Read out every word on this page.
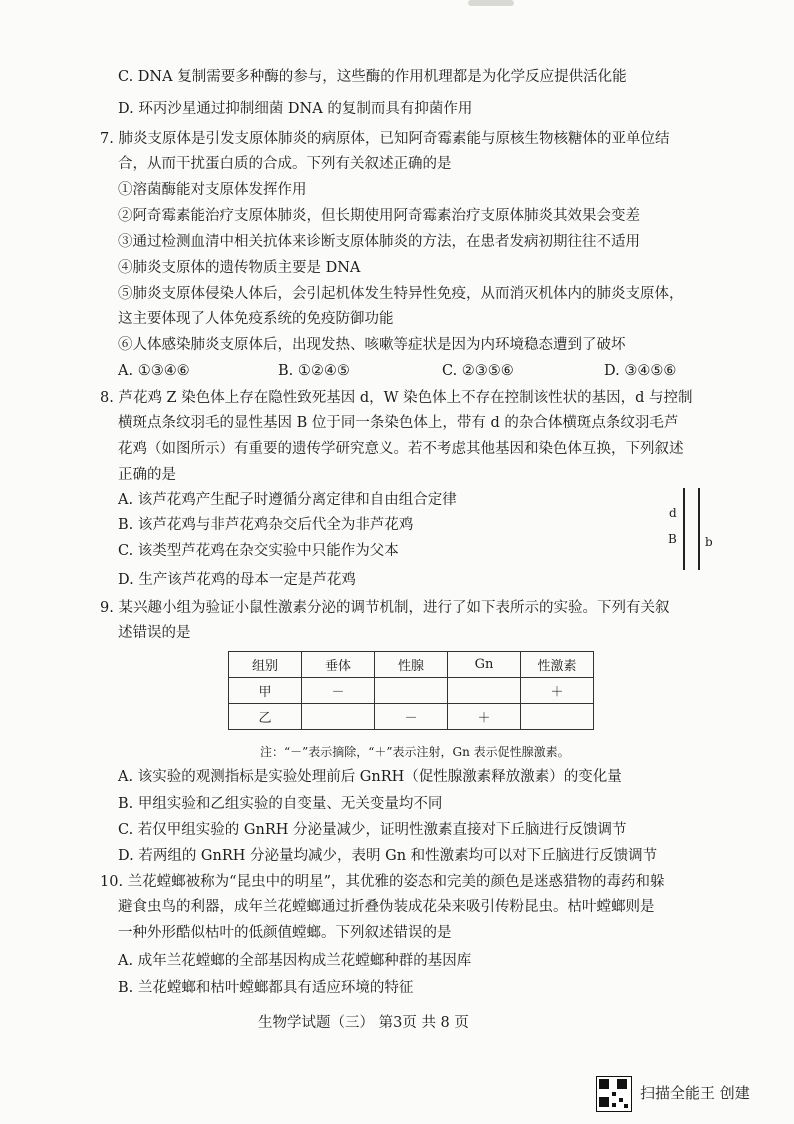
C. DNA 复制需要多种酶的参与，这些酶的作用机理都是为化学反应提供活化能
D. 环丙沙星通过抑制细菌 DNA 的复制而具有抑菌作用
7. 肺炎支原体是引发支原体肺炎的病原体，已知阿奇霉素能与原核生物核糖体的亚单位结
合，从而干扰蛋白质的合成。下列有关叙述正确的是
①溶菌酶能对支原体发挥作用
②阿奇霉素能治疗支原体肺炎，但长期使用阿奇霉素治疗支原体肺炎其效果会变差
③通过检测血清中相关抗体来诊断支原体肺炎的方法，在患者发病初期往往不适用
④肺炎支原体的遗传物质主要是 DNA
⑤肺炎支原体侵染人体后，会引起机体发生特异性免疫，从而消灭机体内的肺炎支原体，
这主要体现了人体免疫系统的免疫防御功能
⑥人体感染肺炎支原体后，出现发热、咳嗽等症状是因为内环境稳态遭到了破坏
A. ①③④⑥	B. ①②④⑤	C. ②③⑤⑥	D. ③④⑤⑥
8. 芦花鸡 Z 染色体上存在隐性致死基因 d，W 染色体上不存在控制该性状的基因，d 与控制
横斑点条纹羽毛的显性基因 B 位于同一条染色体上，带有 d 的杂合体横斑点条纹羽毛芦
花鸡（如图所示）有重要的遗传学研究意义。若不考虑其他基因和染色体互换，下列叙述
正确的是
A. 该芦花鸡产生配子时遵循分离定律和自由组合定律
B. 该芦花鸡与非芦花鸡杂交后代全为非芦花鸡
C. 该类型芦花鸡在杂交实验中只能作为父本
D. 生产该芦花鸡的母本一定是芦花鸡
d
B b
9. 某兴趣小组为验证小鼠性激素分泌的调节机制，进行了如下表所示的实验。下列有关叙
述错误的是
组别	垂体	性腺	Gn	性激素
甲	－			＋
乙		－	＋	
注：“－”表示摘除，“＋”表示注射，Gn 表示促性腺激素。
A. 该实验的观测指标是实验处理前后 GnRH（促性腺激素释放激素）的变化量
B. 甲组实验和乙组实验的自变量、无关变量均不同
C. 若仅甲组实验的 GnRH 分泌量减少，证明性激素直接对下丘脑进行反馈调节
D. 若两组的 GnRH 分泌量均减少，表明 Gn 和性激素均可以对下丘脑进行反馈调节
10. 兰花螳螂被称为“昆虫中的明星”，其优雅的姿态和完美的颜色是迷惑猎物的毒药和躲
避食虫鸟的利器，成年兰花螳螂通过折叠伪装成花朵来吸引传粉昆虫。枯叶螳螂则是
一种外形酷似枯叶的低颜值螳螂。下列叙述错误的是
A. 成年兰花螳螂的全部基因构成兰花螳螂种群的基因库
B. 兰花螳螂和枯叶螳螂都具有适应环境的特征
生物学试题（三） 第3页 共 8 页
扫描全能王 创建
